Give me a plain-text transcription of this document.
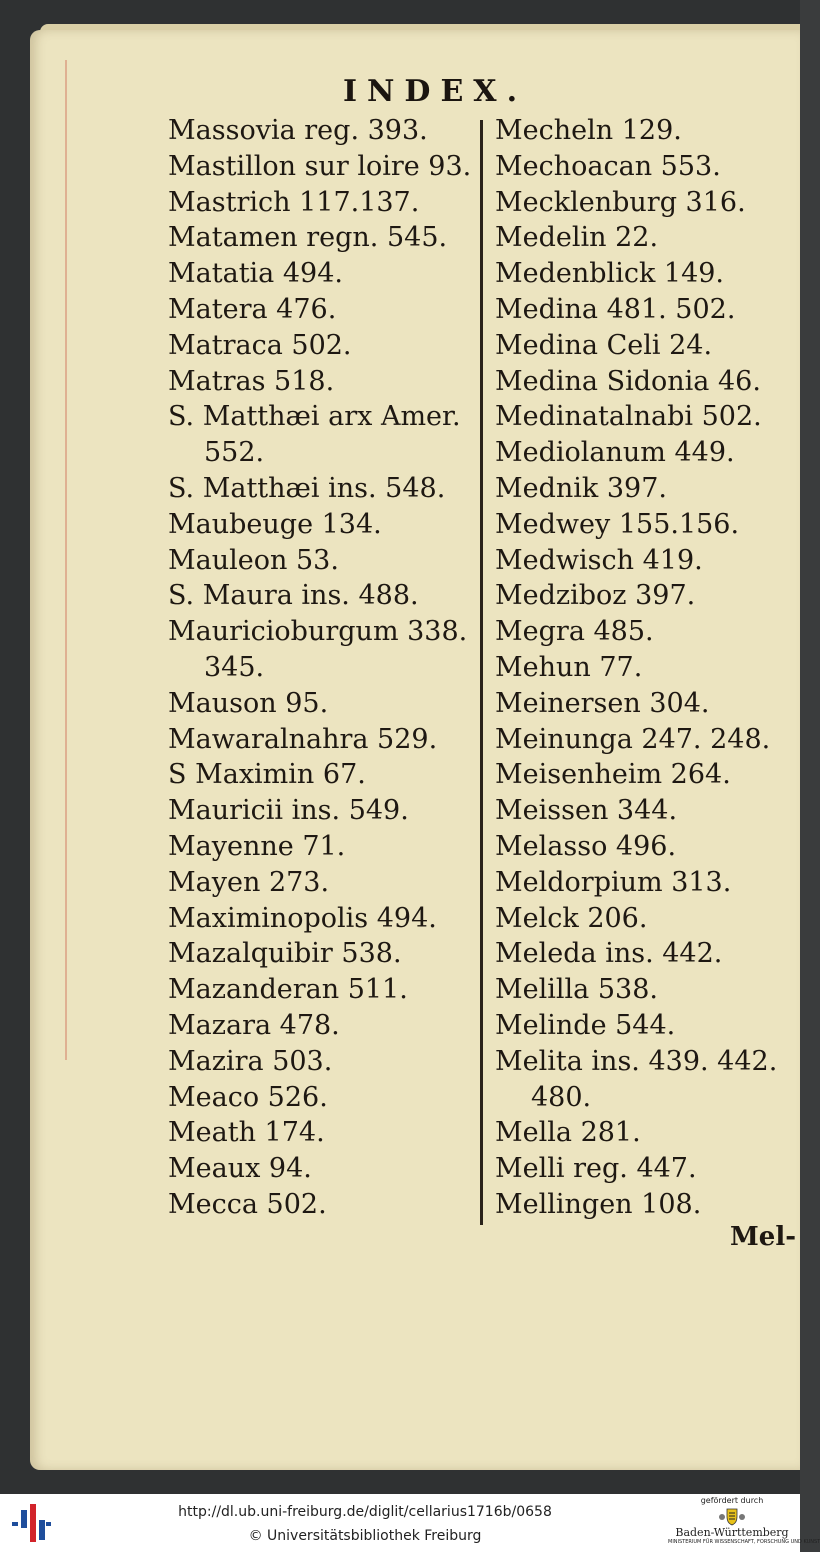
INDEX.
Massovia reg. 393.
Mastillon sur loire 93.
Mastrich 117.137.
Matamen regn. 545.
Matatia 494.
Matera 476.
Matraca 502.
Matras 518.
S. Matthæi arx Amer.
552.
S. Matthæi ins. 548.
Maubeuge 134.
Mauleon 53.
S. Maura ins. 488.
Mauricioburgum 338.
345.
Mauson 95.
Mawaralnahra 529.
S Maximin 67.
Mauricii ins. 549.
Mayenne 71.
Mayen 273.
Maximinopolis 494.
Mazalquibir 538.
Mazanderan 511.
Mazara 478.
Mazira 503.
Meaco 526.
Meath 174.
Meaux 94.
Mecca 502.
Mecheln 129.
Mechoacan 553.
Mecklenburg 316.
Medelin 22.
Medenblick 149.
Medina 481. 502.
Medina Celi 24.
Medina Sidonia 46.
Medinatalnabi 502.
Mediolanum 449.
Mednik 397.
Medwey 155.156.
Medwisch 419.
Medziboz 397.
Megra 485.
Mehun 77.
Meinersen 304.
Meinunga 247. 248.
Meisenheim 264.
Meissen 344.
Melasso 496.
Meldorpium 313.
Melck 206.
Meleda ins. 442.
Melilla 538.
Melinde 544.
Melita ins. 439. 442.
480.
Mella 281.
Melli reg. 447.
Mellingen 108.
Mel-
http://dl.ub.uni-freiburg.de/diglit/cellarius1716b/0658
© Universitätsbibliothek Freiburg
gefördert durch
Baden-Württemberg
MINISTERIUM FÜR WISSENSCHAFT, FORSCHUNG UND KUNST
